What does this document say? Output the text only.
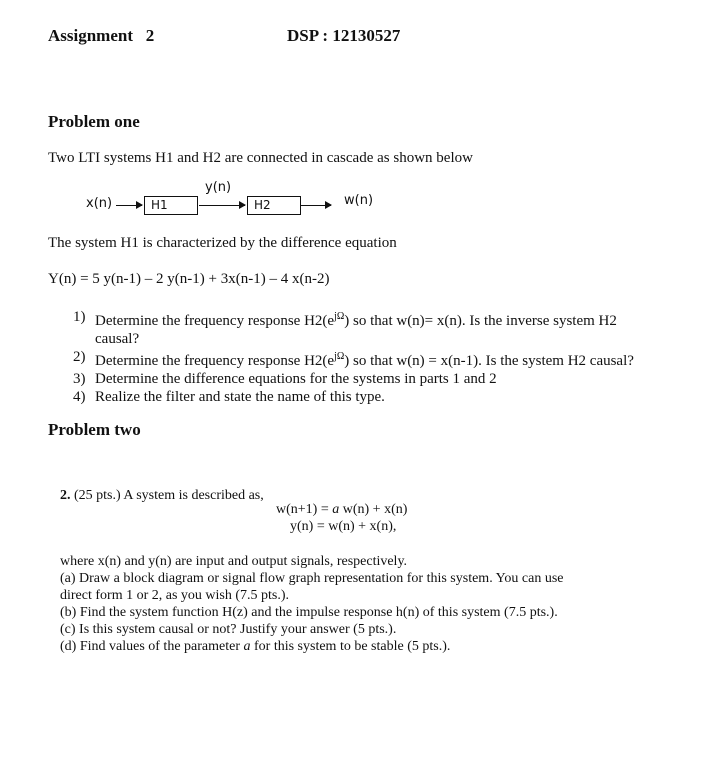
Assignment   2	DSP : 12130527
Problem one
Two LTI systems H1 and H2 are connected in cascade as shown below
x(n)	H1
y(n)
H2	w(n)
The system H1 is characterized by the difference equation
Y(n) = 5 y(n-1) – 2 y(n-1) + 3x(n-1) – 4 x(n-2)
1) Determine the frequency response $H2(e^{j\Omega})$ so that w(n)= x(n). Is the inverse system H2
causal?
2) Determine the frequency response $H2(e^{j\Omega})$ so that w(n) = x(n-1). Is the system H2 causal?
3) Determine the difference equations for the systems in parts 1 and 2
4) Realize the filter and state the name of this type.
Problem two
2. (25 pts.) A system is described as,
w(n+1) = a w(n) + x(n)
y(n) = w(n) + x(n),
where x(n) and y(n) are input and output signals, respectively.
(a) Draw a block diagram or signal flow graph representation for this system. You can use
direct form 1 or 2, as you wish (7.5 pts.).
(b) Find the system function H(z) and the impulse response h(n) of this system (7.5 pts.).
(c) Is this system causal or not? Justify your answer (5 pts.).
(d) Find values of the parameter a for this system to be stable (5 pts.).
